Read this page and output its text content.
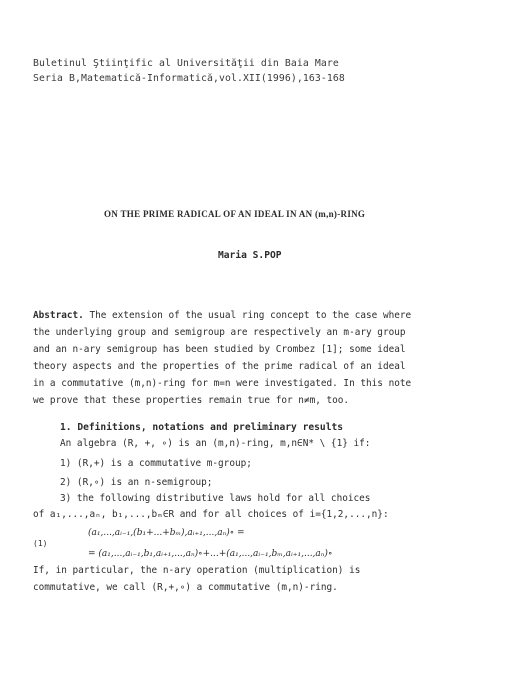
Buletinul Ştiinţific al Universităţii din Baia Mare
Seria B,Matematică-Informatică,vol.XII(1996),163-168
ON THE PRIME RADICAL OF AN IDEAL IN AN (m,n)-RING
Maria S.POP
Abstract. The extension of the usual ring concept to the case where
the underlying group and semigroup are respectively an m-ary group
and an n-ary semigroup has been studied by Crombez [1]; some ideal
theory aspects and the properties of the prime radical of an ideal
in a commutative (m,n)-ring for m=n were investigated. In this note
we prove that these properties remain true for n≠m, too.
1. Definitions, notations and preliminary results
An algebra (R, +, ∘) is an (m,n)-ring, m,n∈N* \ {1} if:
1) (R,+) is a commutative m-group;
2) (R,∘) is an n-semigroup;
3) the following distributive laws hold for all choices
of a₁,...,aₙ, b₁,...,bₘ∈R and for all choices of i={1,2,...,n}:
(a₁,...,aᵢ₋₁,(b₁+...+bₘ),aᵢ₊₁,...,aₙ)∘ =
(1)
= (a₁,...,aᵢ₋₁,b₁,aᵢ₊₁,...,aₙ)∘+...+(a₁,...,aᵢ₋₁,bₘ,aᵢ₊₁,...,aₙ)∘
If, in particular, the n-ary operation (multiplication) is
commutative, we call (R,+,∘) a commutative (m,n)-ring.
